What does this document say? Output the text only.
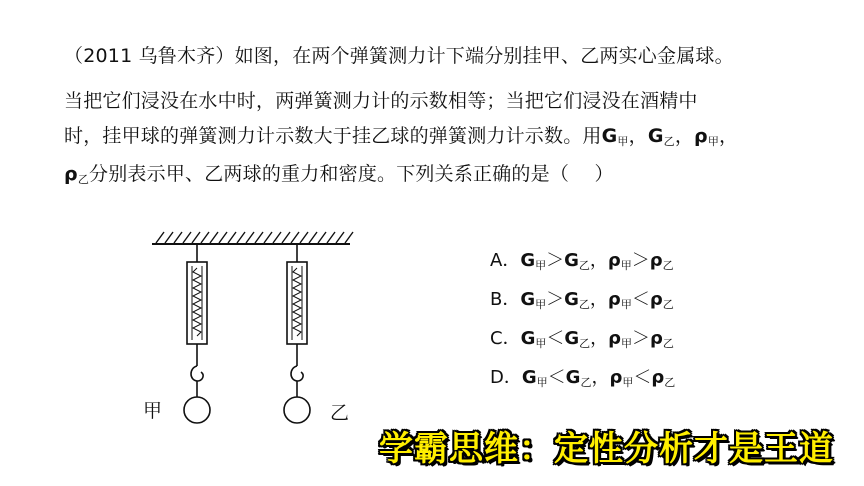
（2011 乌鲁木齐）如图，在两个弹簧测力计下端分别挂甲、乙两实心金属球。
当把它们浸没在水中时，两弹簧测力计的示数相等；当把它们浸没在酒精中
时，挂甲球的弹簧测力计示数大于挂乙球的弹簧测力计示数。用$G_甲$，$G_乙$，$\rho_甲$，
$\rho_乙$分别表示甲、乙两球的重力和密度。下列关系正确的是（　 ）
甲	乙
A．$G_甲>G_乙$，$\rho_甲>\rho_乙$
B．$G_甲>G_乙$，$\rho_甲<\rho_乙$
C．$G_甲<G_乙$，$\rho_甲>\rho_乙$
D．$G_甲<G_乙$，$\rho_甲<\rho_乙$
学霸思维：定性分析才是王道
